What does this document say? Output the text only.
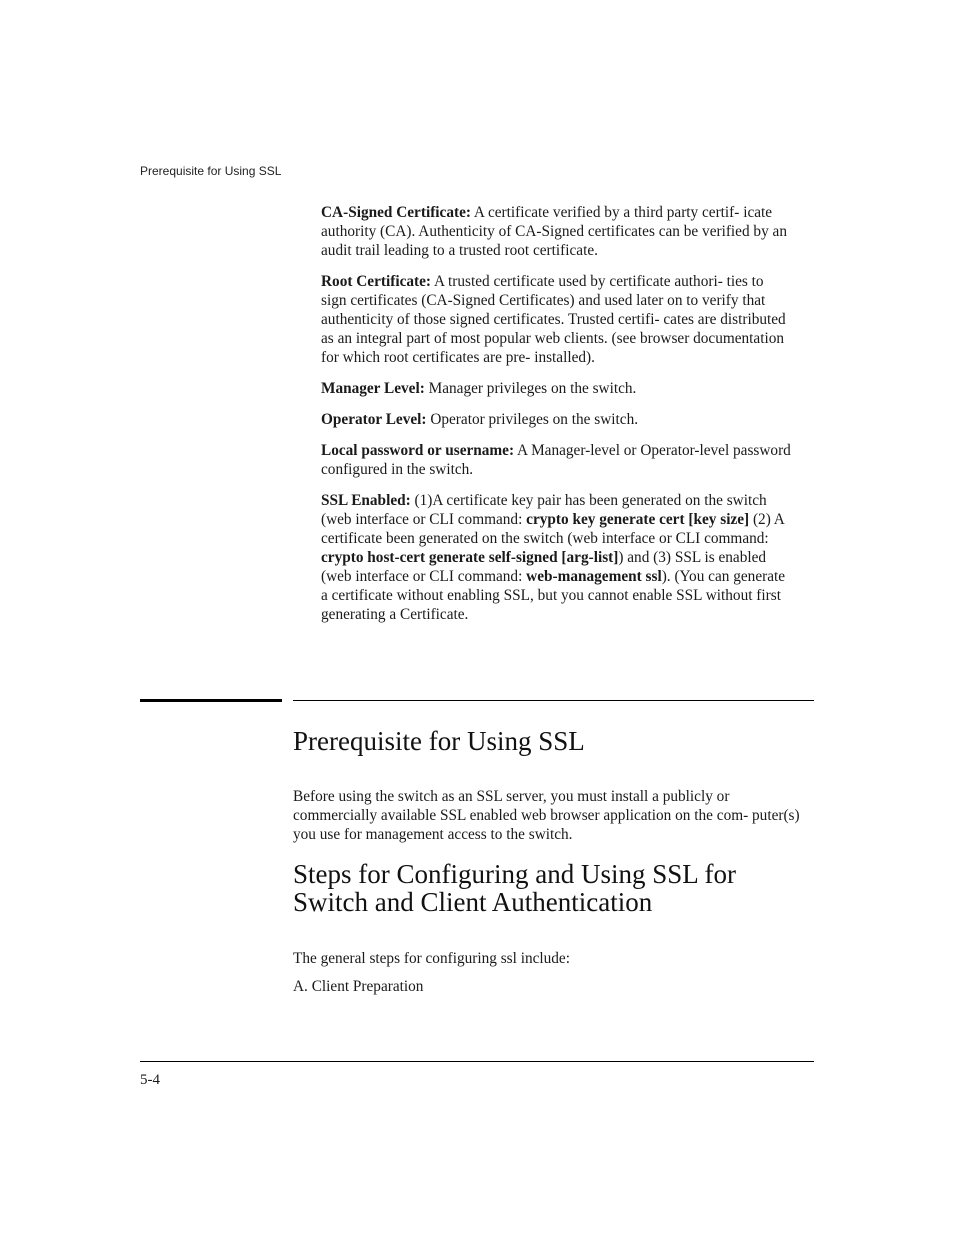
Prerequisite for Using SSL

CA-Signed Certificate: A certificate verified by a third party certif- icate authority (CA). Authenticity of CA-Signed certificates can be verified by an audit trail leading to a trusted root certificate.

Root Certificate: A trusted certificate used by certificate authori- ties to sign certificates (CA-Signed Certificates) and used later on to verify that authenticity of those signed certificates. Trusted certifi- cates are distributed as an integral part of most popular web clients. (see browser documentation for which root certificates are pre- installed).

Manager Level: Manager privileges on the switch.

Operator Level: Operator privileges on the switch.

Local password or username: A Manager-level or Operator-level password configured in the switch.

SSL Enabled: (1)A certificate key pair has been generated on the switch (web interface or CLI command: crypto key generate cert [key size] (2) A certificate been generated on the switch (web interface or CLI command: crypto host-cert generate self-signed [arg-list]) and (3) SSL is enabled (web interface or CLI command: web-management ssl). (You can generate a certificate without enabling SSL, but you cannot enable SSL without first generating a Certificate.

Prerequisite for Using SSL

Before using the switch as an SSL server, you must install a publicly or commercially available SSL enabled web browser application on the com- puter(s) you use for management access to the switch.

Steps for Configuring and Using SSL for Switch and Client Authentication

The general steps for configuring ssl include:

A. Client Preparation

5-4
